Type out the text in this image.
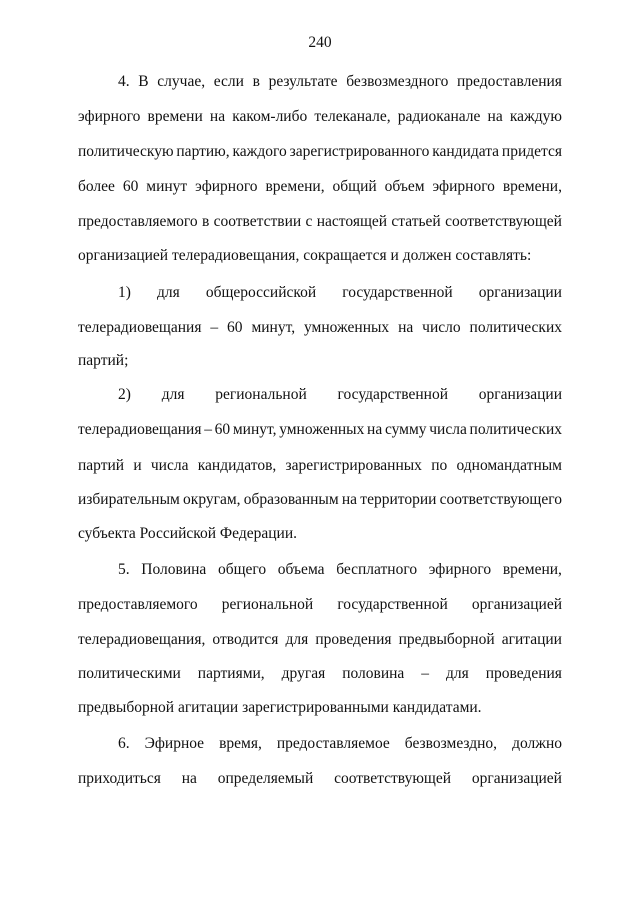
240
4. В случае, если в результате безвозмездного предоставления
эфирного времени на каком-либо телеканале, радиоканале на каждую
политическую партию, каждого зарегистрированного кандидата придется
более 60 минут эфирного времени, общий объем эфирного времени,
предоставляемого в соответствии с настоящей статьей соответствующей
организацией телерадиовещания, сокращается и должен составлять:
1) для общероссийской государственной организации
телерадиовещания – 60 минут, умноженных на число политических
партий;
2) для региональной государственной организации
телерадиовещания – 60 минут, умноженных на сумму числа политических
партий и числа кандидатов, зарегистрированных по одномандатным
избирательным округам, образованным на территории соответствующего
субъекта Российской Федерации.
5. Половина общего объема бесплатного эфирного времени,
предоставляемого региональной государственной организацией
телерадиовещания, отводится для проведения предвыборной агитации
политическими партиями, другая половина – для проведения
предвыборной агитации зарегистрированными кандидатами.
6. Эфирное время, предоставляемое безвозмездно, должно
приходиться на определяемый соответствующей организацией
